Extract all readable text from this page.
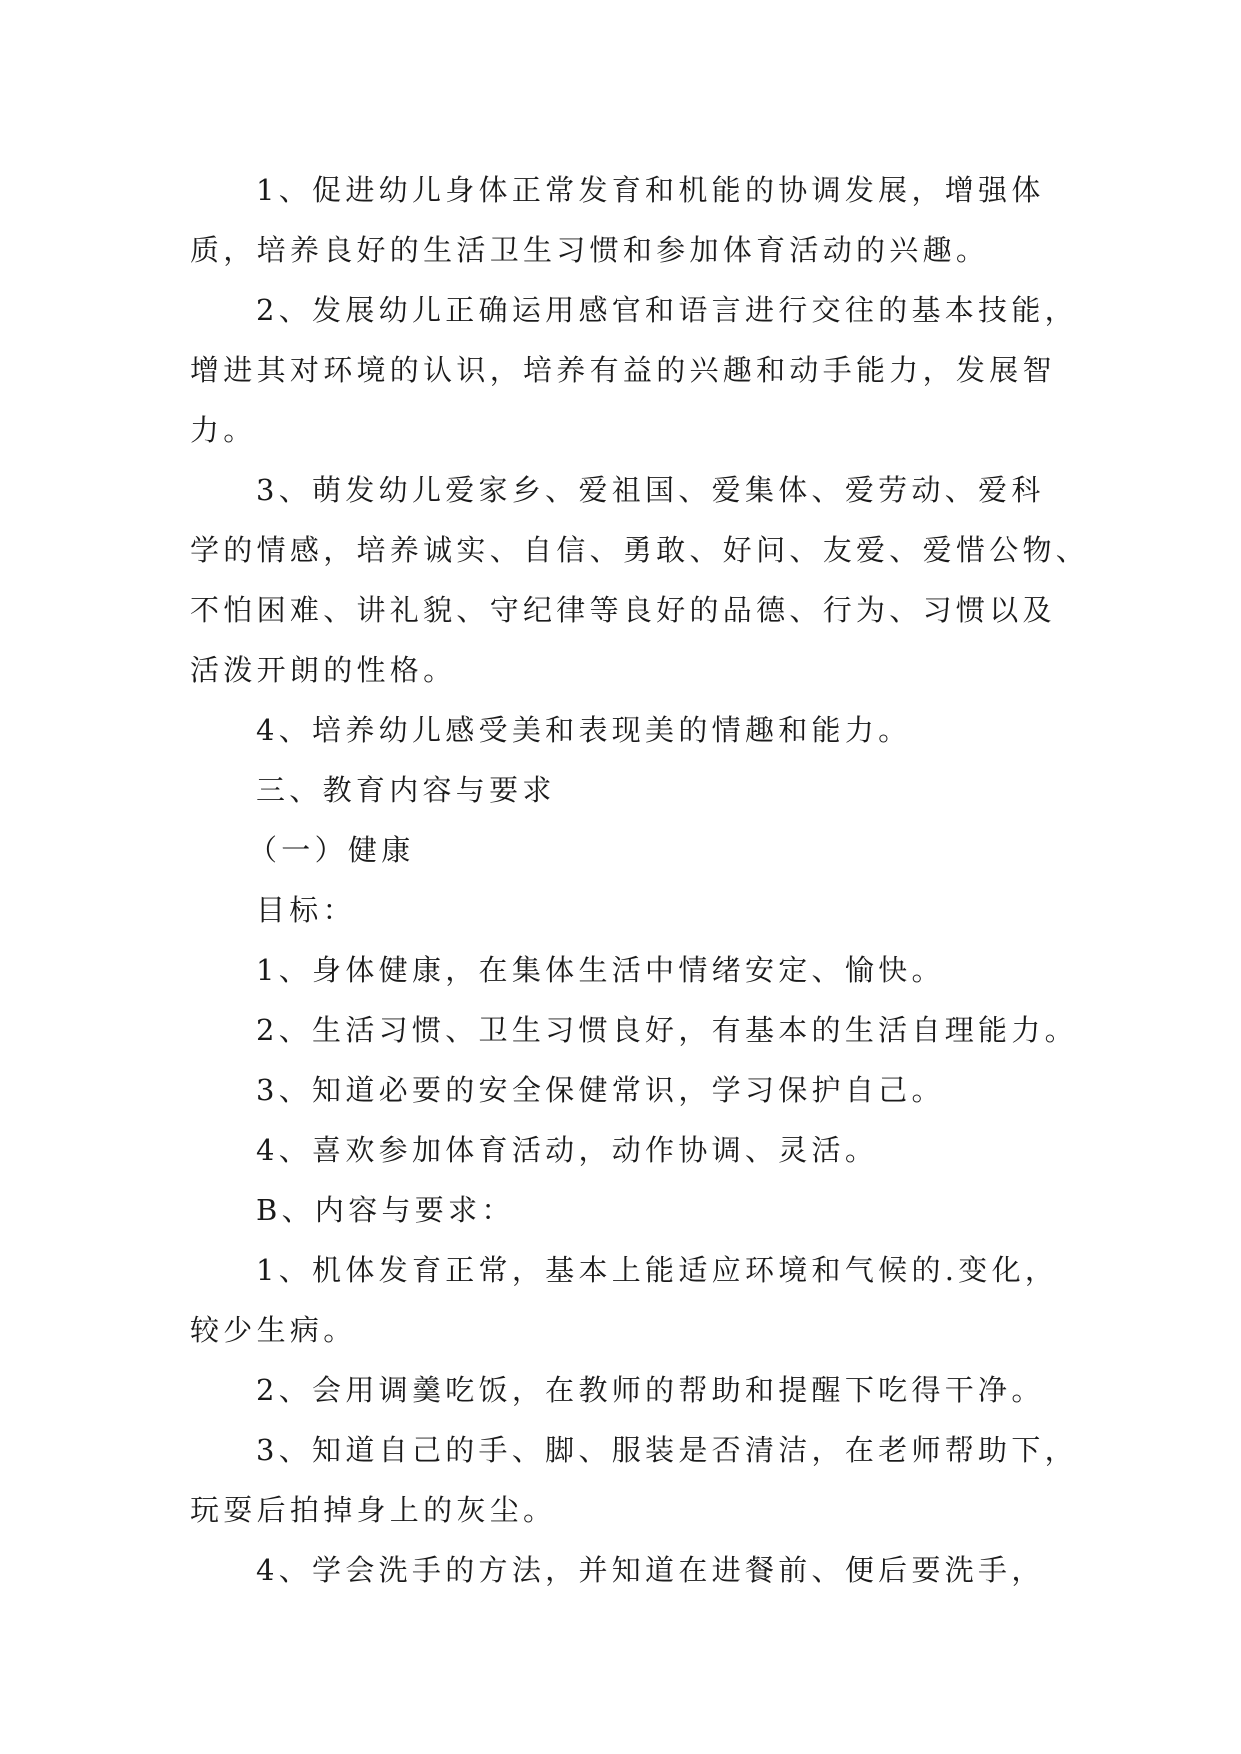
1、促进幼儿身体正常发育和机能的协调发展，增强体

质，培养良好的生活卫生习惯和参加体育活动的兴趣。

2、发展幼儿正确运用感官和语言进行交往的基本技能，

增进其对环境的认识，培养有益的兴趣和动手能力，发展智

力。

3、萌发幼儿爱家乡、爱祖国、爱集体、爱劳动、爱科

学的情感，培养诚实、自信、勇敢、好问、友爱、爱惜公物、

不怕困难、讲礼貌、守纪律等良好的品德、行为、习惯以及

活泼开朗的性格。

4、培养幼儿感受美和表现美的情趣和能力。

三、教育内容与要求

（一）健康

目标：

1、身体健康，在集体生活中情绪安定、愉快。

2、生活习惯、卫生习惯良好，有基本的生活自理能力。

3、知道必要的安全保健常识，学习保护自己。

4、喜欢参加体育活动，动作协调、灵活。

B、内容与要求：

1、机体发育正常，基本上能适应环境和气候的.变化，

较少生病。

2、会用调羹吃饭，在教师的帮助和提醒下吃得干净。

3、知道自己的手、脚、服装是否清洁，在老师帮助下，

玩耍后拍掉身上的灰尘。

4、学会洗手的方法，并知道在进餐前、便后要洗手，
